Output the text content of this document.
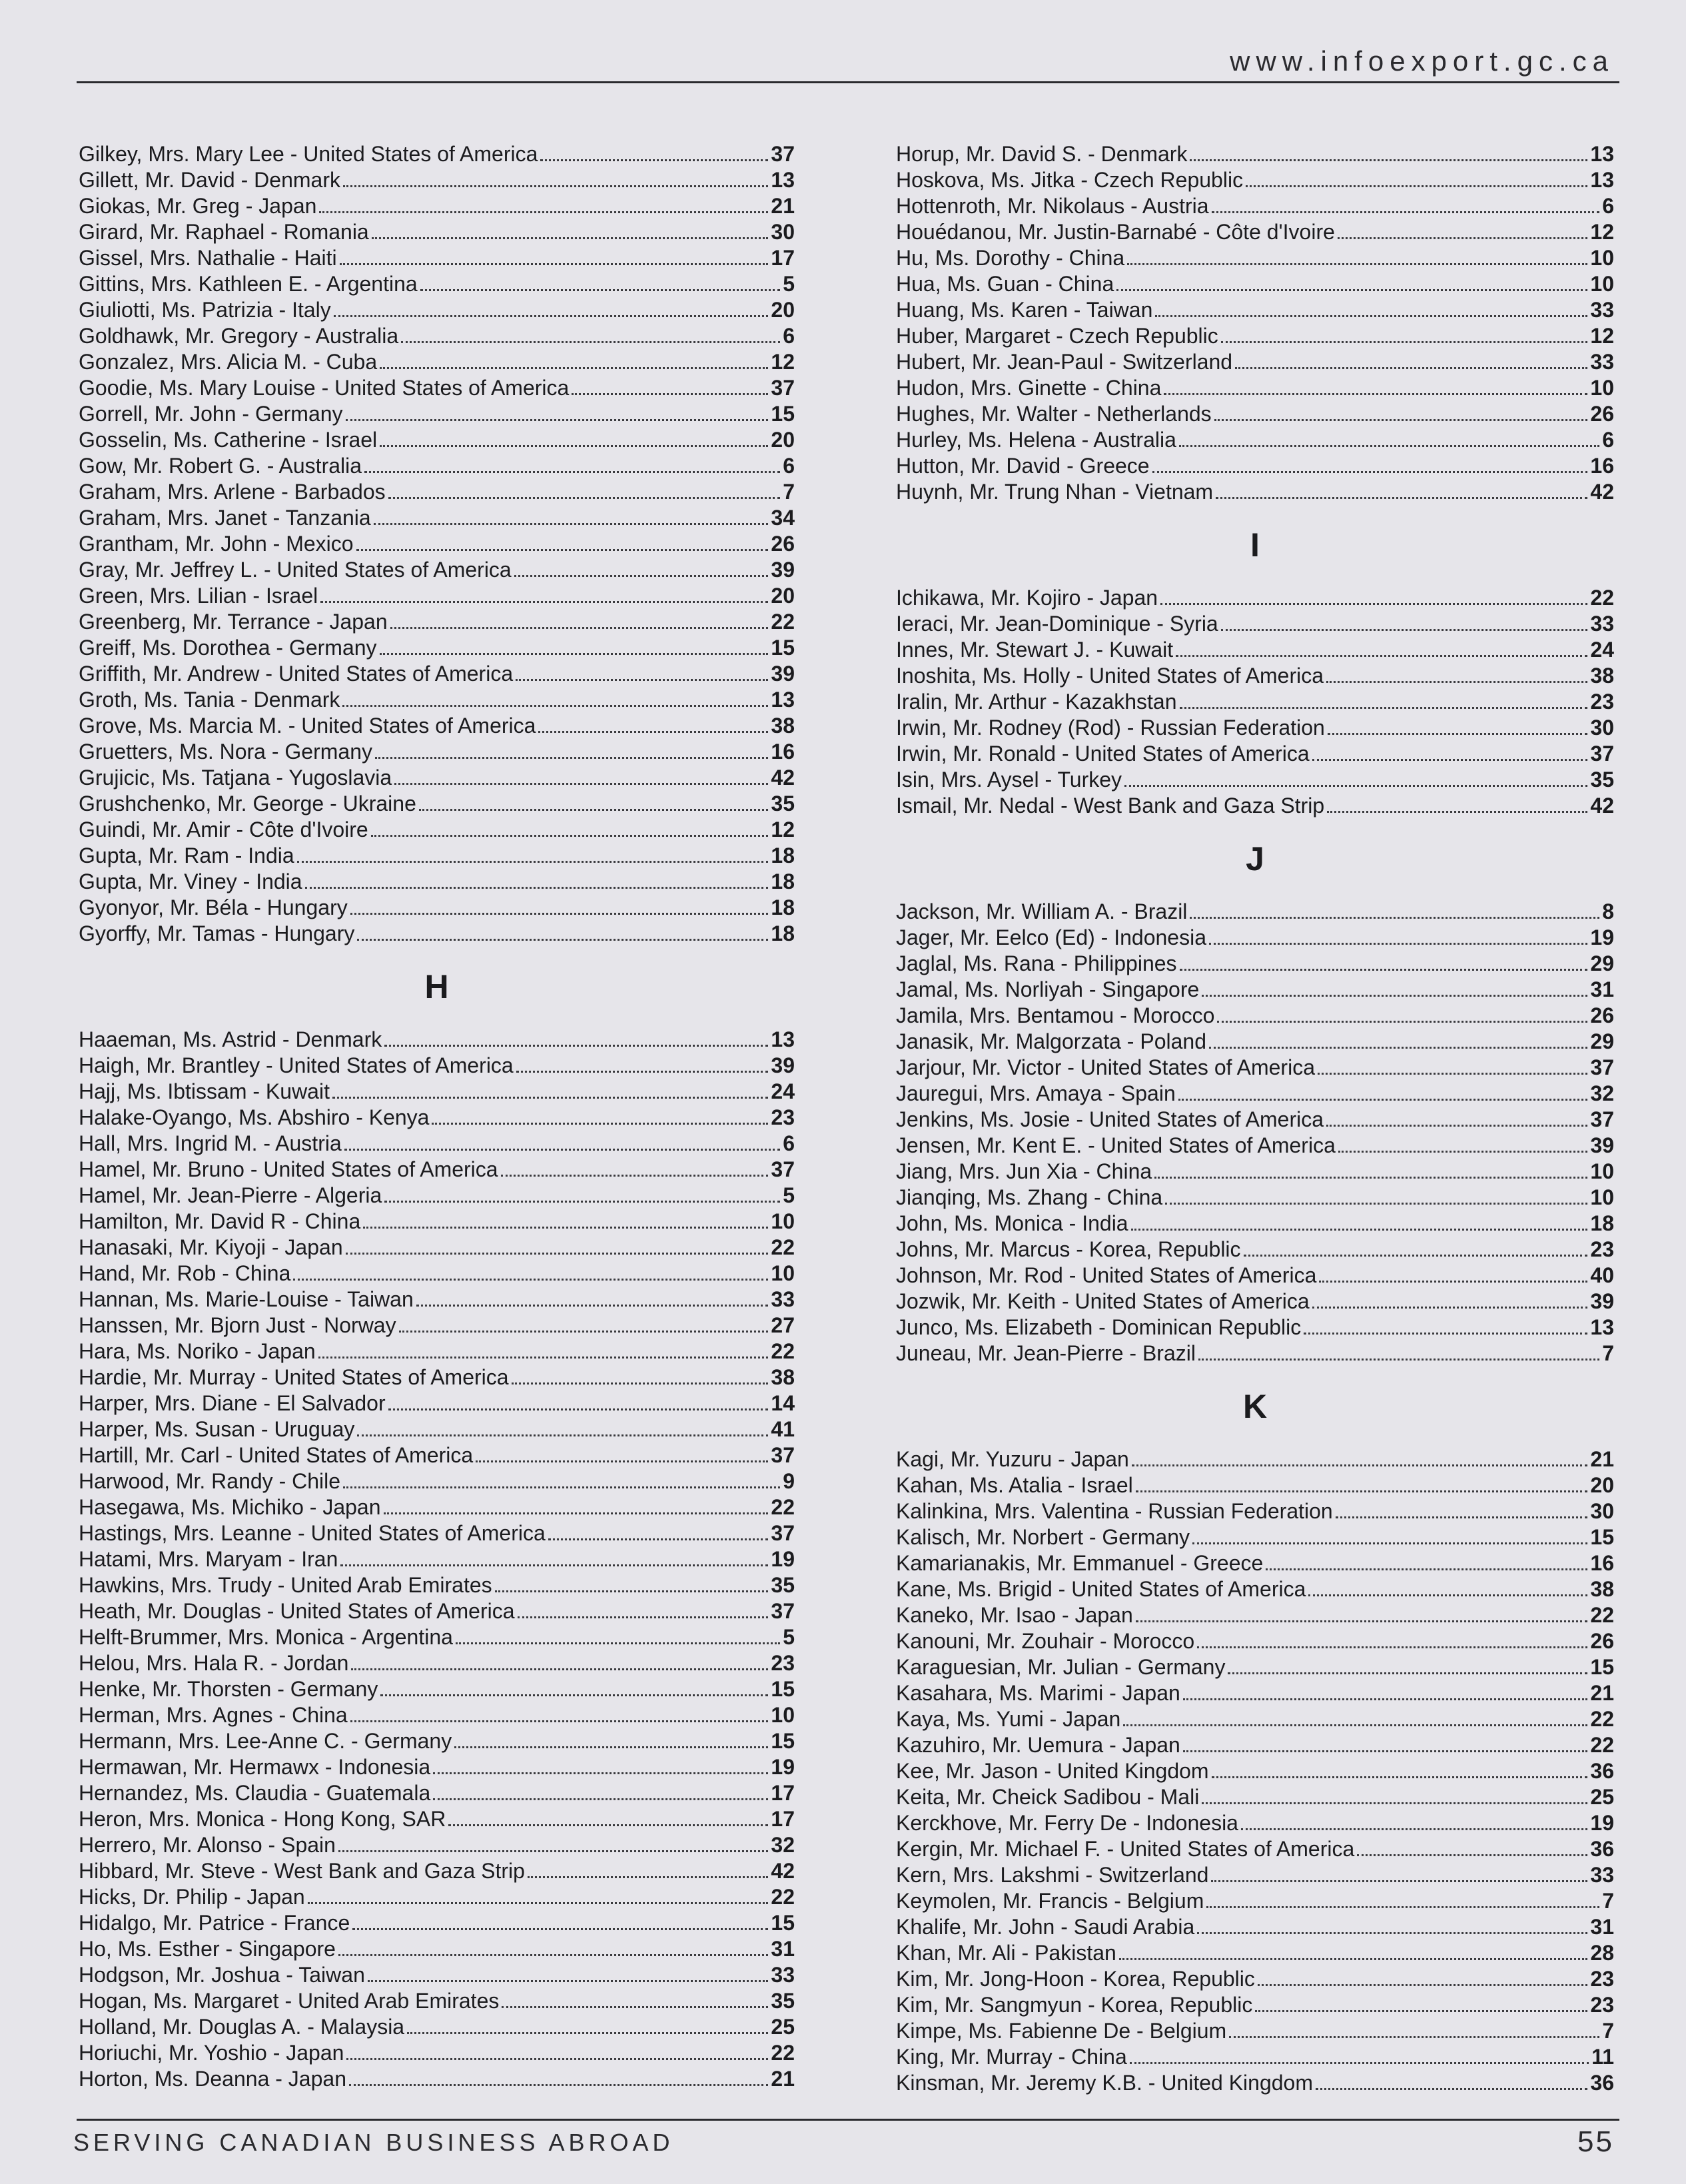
www.infoexport.gc.ca
Gilkey, Mrs. Mary Lee - United States of America	37
Gillett, Mr. David - Denmark	13
Giokas, Mr. Greg - Japan	21
Girard, Mr. Raphael - Romania	30
Gissel, Mrs. Nathalie - Haiti	17
Gittins, Mrs. Kathleen E. - Argentina	5
Giuliotti, Ms. Patrizia - Italy	20
Goldhawk, Mr. Gregory - Australia	6
Gonzalez, Mrs. Alicia M. - Cuba	12
Goodie, Ms. Mary Louise - United States of America	37
Gorrell, Mr. John - Germany	15
Gosselin, Ms. Catherine - Israel	20
Gow, Mr. Robert G. - Australia	6
Graham, Mrs. Arlene - Barbados	7
Graham, Mrs. Janet - Tanzania	34
Grantham, Mr. John - Mexico	26
Gray, Mr. Jeffrey L. - United States of America	39
Green, Mrs. Lilian - Israel	20
Greenberg, Mr. Terrance - Japan	22
Greiff, Ms. Dorothea - Germany	15
Griffith, Mr. Andrew - United States of America	39
Groth, Ms. Tania - Denmark	13
Grove, Ms. Marcia M. - United States of America	38
Gruetters, Ms. Nora - Germany	16
Grujicic, Ms. Tatjana - Yugoslavia	42
Grushchenko, Mr. George - Ukraine	35
Guindi, Mr. Amir - Côte d'Ivoire	12
Gupta, Mr. Ram - India	18
Gupta, Mr. Viney - India	18
Gyonyor, Mr. Béla - Hungary	18
Gyorffy, Mr. Tamas - Hungary	18
H
Haaeman, Ms. Astrid - Denmark	13
Haigh, Mr. Brantley - United States of America	39
Hajj, Ms. Ibtissam - Kuwait	24
Halake-Oyango, Ms. Abshiro - Kenya	23
Hall, Mrs. Ingrid M. - Austria	6
Hamel, Mr. Bruno - United States of America	37
Hamel, Mr. Jean-Pierre - Algeria	5
Hamilton, Mr. David R - China	10
Hanasaki, Mr. Kiyoji - Japan	22
Hand, Mr. Rob - China	10
Hannan, Ms. Marie-Louise - Taiwan	33
Hanssen, Mr. Bjorn Just - Norway	27
Hara, Ms. Noriko - Japan	22
Hardie, Mr. Murray - United States of America	38
Harper, Mrs. Diane - El Salvador	14
Harper, Ms. Susan - Uruguay	41
Hartill, Mr. Carl - United States of America	37
Harwood, Mr. Randy - Chile	9
Hasegawa, Ms. Michiko - Japan	22
Hastings, Mrs. Leanne - United States of America	37
Hatami, Mrs. Maryam - Iran	19
Hawkins, Mrs. Trudy - United Arab Emirates	35
Heath, Mr. Douglas - United States of America	37
Helft-Brummer, Mrs. Monica - Argentina	5
Helou, Mrs. Hala R. - Jordan	23
Henke, Mr. Thorsten - Germany	15
Herman, Mrs. Agnes - China	10
Hermann, Mrs. Lee-Anne C. - Germany	15
Hermawan, Mr. Hermawx - Indonesia	19
Hernandez, Ms. Claudia - Guatemala	17
Heron, Mrs. Monica - Hong Kong, SAR	17
Herrero, Mr. Alonso - Spain	32
Hibbard, Mr. Steve - West Bank and Gaza Strip	42
Hicks, Dr. Philip - Japan	22
Hidalgo, Mr. Patrice - France	15
Ho, Ms. Esther - Singapore	31
Hodgson, Mr. Joshua - Taiwan	33
Hogan, Ms. Margaret - United Arab Emirates	35
Holland, Mr. Douglas A. - Malaysia	25
Horiuchi, Mr. Yoshio - Japan	22
Horton, Ms. Deanna - Japan	21
Horup, Mr. David S. - Denmark	13
Hoskova, Ms. Jitka - Czech Republic	13
Hottenroth, Mr. Nikolaus - Austria	6
Houédanou, Mr. Justin-Barnabé - Côte d'Ivoire	12
Hu, Ms. Dorothy - China	10
Hua, Ms. Guan - China	10
Huang, Ms. Karen - Taiwan	33
Huber, Margaret - Czech Republic	12
Hubert, Mr. Jean-Paul - Switzerland	33
Hudon, Mrs. Ginette - China	10
Hughes, Mr. Walter - Netherlands	26
Hurley, Ms. Helena - Australia	6
Hutton, Mr. David - Greece	16
Huynh, Mr. Trung Nhan - Vietnam	42
I
Ichikawa, Mr. Kojiro - Japan	22
Ieraci, Mr. Jean-Dominique - Syria	33
Innes, Mr. Stewart J. - Kuwait	24
Inoshita, Ms. Holly - United States of America	38
Iralin, Mr. Arthur - Kazakhstan	23
Irwin, Mr. Rodney (Rod) - Russian Federation	30
Irwin, Mr. Ronald - United States of America	37
Isin, Mrs. Aysel - Turkey	35
Ismail, Mr. Nedal - West Bank and Gaza Strip	42
J
Jackson, Mr. William A. - Brazil	8
Jager, Mr. Eelco (Ed) - Indonesia	19
Jaglal, Ms. Rana - Philippines	29
Jamal, Ms. Norliyah - Singapore	31
Jamila, Mrs. Bentamou - Morocco	26
Janasik, Mr. Malgorzata - Poland	29
Jarjour, Mr. Victor - United States of America	37
Jauregui, Mrs. Amaya - Spain	32
Jenkins, Ms. Josie - United States of America	37
Jensen, Mr. Kent E. - United States of America	39
Jiang, Mrs. Jun Xia - China	10
Jianqing, Ms. Zhang - China	10
John, Ms. Monica - India	18
Johns, Mr. Marcus - Korea, Republic	23
Johnson, Mr. Rod - United States of America	40
Jozwik, Mr. Keith - United States of America	39
Junco, Ms. Elizabeth - Dominican Republic	13
Juneau, Mr. Jean-Pierre - Brazil	7
K
Kagi, Mr. Yuzuru - Japan	21
Kahan, Ms. Atalia - Israel	20
Kalinkina, Mrs. Valentina - Russian Federation	30
Kalisch, Mr. Norbert - Germany	15
Kamarianakis, Mr. Emmanuel - Greece	16
Kane, Ms. Brigid - United States of America	38
Kaneko, Mr. Isao - Japan	22
Kanouni, Mr. Zouhair - Morocco	26
Karaguesian, Mr. Julian - Germany	15
Kasahara, Ms. Marimi - Japan	21
Kaya, Ms. Yumi - Japan	22
Kazuhiro, Mr. Uemura - Japan	22
Kee, Mr. Jason - United Kingdom	36
Keita, Mr. Cheick Sadibou - Mali	25
Kerckhove, Mr. Ferry De - Indonesia	19
Kergin, Mr. Michael F. - United States of America	36
Kern, Mrs. Lakshmi - Switzerland	33
Keymolen, Mr. Francis - Belgium	7
Khalife, Mr. John - Saudi Arabia	31
Khan, Mr. Ali - Pakistan	28
Kim, Mr. Jong-Hoon - Korea, Republic	23
Kim, Mr. Sangmyun - Korea, Republic	23
Kimpe, Ms. Fabienne De - Belgium	7
King, Mr. Murray - China	11
Kinsman, Mr. Jeremy K.B. - United Kingdom	36
SERVING CANADIAN BUSINESS ABROAD	55
